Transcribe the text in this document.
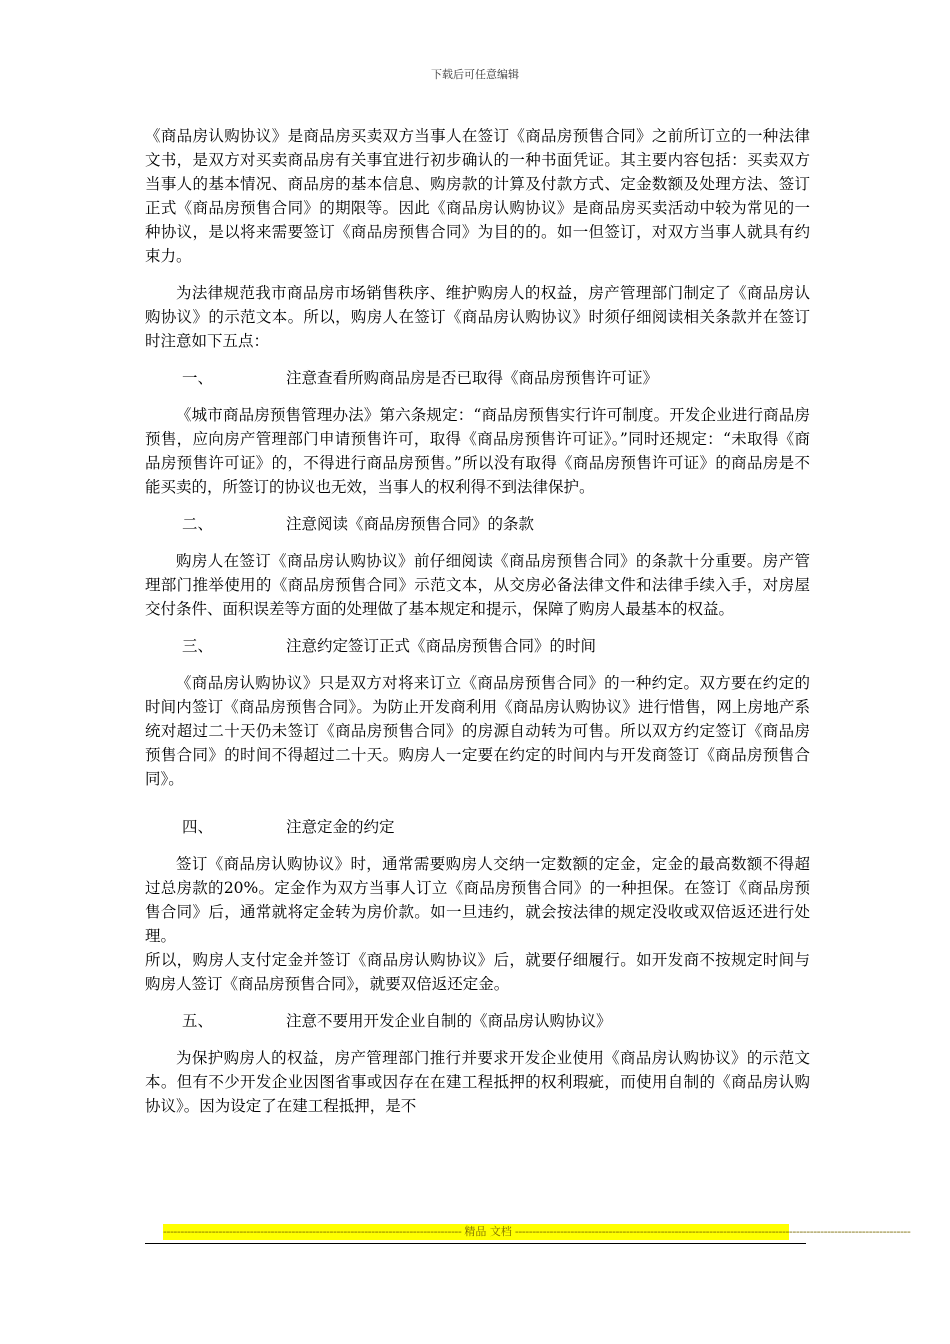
下载后可任意编辑

《商品房认购协议》是商品房买卖双方当事人在签订《商品房预售合同》之前所订立的一种法律文书，是双方对买卖商品房有关事宜进行初步确认的一种书面凭证。其主要内容包括：买卖双方当事人的基本情况、商品房的基本信息、购房款的计算及付款方式、定金数额及处理方法、签订正式《商品房预售合同》的期限等。因此《商品房认购协议》是商品房买卖活动中较为常见的一种协议，是以将来需要签订《商品房预售合同》为目的的。如一但签订，对双方当事人就具有约束力。

为法律规范我市商品房市场销售秩序、维护购房人的权益，房产管理部门制定了《商品房认购协议》的示范文本。所以，购房人在签订《商品房认购协议》时须仔细阅读相关条款并在签订时注意如下五点：

一、	注意查看所购商品房是否已取得《商品房预售许可证》

《城市商品房预售管理办法》第六条规定：“商品房预售实行许可制度。开发企业进行商品房预售，应向房产管理部门申请预售许可，取得《商品房预售许可证》。”同时还规定：“未取得《商品房预售许可证》的，不得进行商品房预售。”所以没有取得《商品房预售许可证》的商品房是不能买卖的，所签订的协议也无效，当事人的权利得不到法律保护。

二、	注意阅读《商品房预售合同》的条款

购房人在签订《商品房认购协议》前仔细阅读《商品房预售合同》的条款十分重要。房产管理部门推举使用的《商品房预售合同》示范文本，从交房必备法律文件和法律手续入手，对房屋交付条件、面积误差等方面的处理做了基本规定和提示，保障了购房人最基本的权益。

三、	注意约定签订正式《商品房预售合同》的时间

《商品房认购协议》只是双方对将来订立《商品房预售合同》的一种约定。双方要在约定的时间内签订《商品房预售合同》。为防止开发商利用《商品房认购协议》进行惜售，网上房地产系统对超过二十天仍未签订《商品房预售合同》的房源自动转为可售。所以双方约定签订《商品房预售合同》的时间不得超过二十天。购房人一定要在约定的时间内与开发商签订《商品房预售合同》。

四、	注意定金的约定

签订《商品房认购协议》时，通常需要购房人交纳一定数额的定金，定金的最高数额不得超过总房款的20%。定金作为双方当事人订立《商品房预售合同》的一种担保。在签订《商品房预售合同》后，通常就将定金转为房价款。如一旦违约，就会按法律的规定没收或双倍返还进行处理。

所以，购房人支付定金并签订《商品房认购协议》后，就要仔细履行。如开发商不按规定时间与购房人签订《商品房预售合同》，就要双倍返还定金。

五、	注意不要用开发企业自制的《商品房认购协议》

为保护购房人的权益，房产管理部门推行并要求开发企业使用《商品房认购协议》的示范文本。但有不少开发企业因图省事或因存在在建工程抵押的权利瑕疵，而使用自制的《商品房认购协议》。因为设定了在建工程抵押，是不

-------------------------------------------------------------------------------------- 精品 文档 ------------------------------------------------------------------------------------------------------------------
